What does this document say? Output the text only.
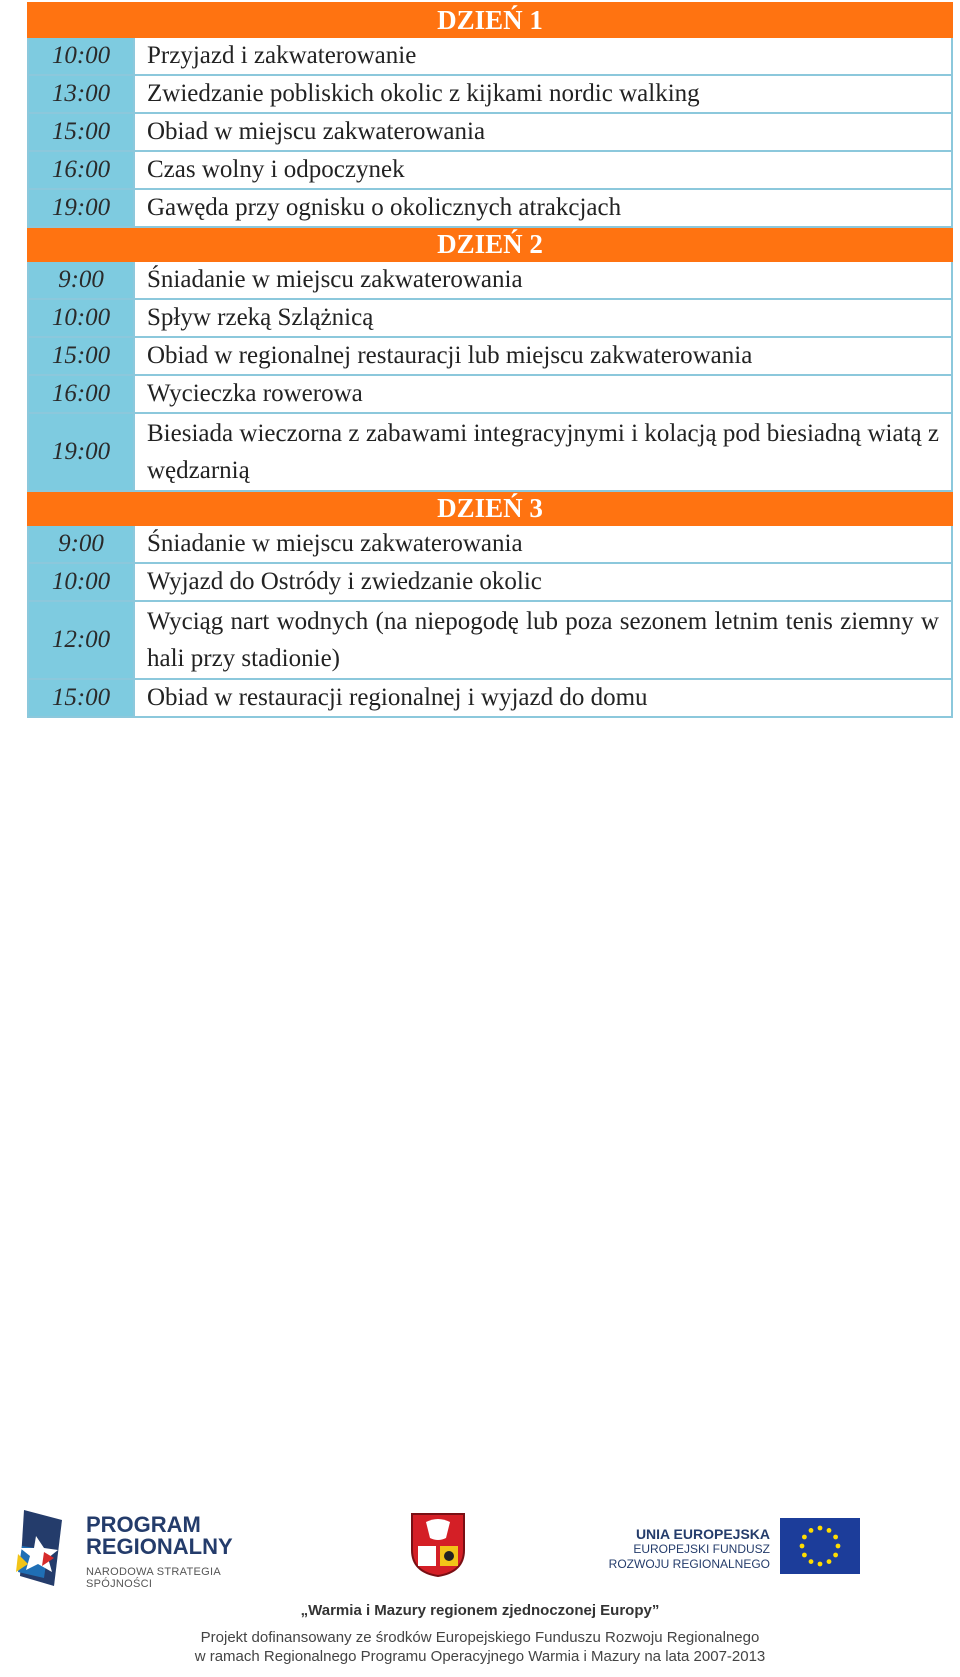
DZIEŃ 1	
10:00	Przyjazd i zakwaterowanie
13:00	Zwiedzanie pobliskich okolic z kijkami nordic walking
15:00	Obiad w miejscu zakwaterowania
16:00	Czas wolny i odpoczynek
19:00	Gawęda przy ognisku o okolicznych atrakcjach
DZIEŃ 2	
9:00	Śniadanie w miejscu zakwaterowania
10:00	Spływ rzeką Szlążnicą
15:00	Obiad w regionalnej restauracji lub miejscu zakwaterowania
16:00	Wycieczka rowerowa
19:00	Biesiada wieczorna z zabawami integracyjnymi i kolacją pod biesiadną wiatą z wędzarnią
DZIEŃ 3	
9:00	Śniadanie w miejscu zakwaterowania
10:00	Wyjazd do Ostródy i zwiedzanie okolic
12:00	Wyciąg nart wodnych (na niepogodę lub poza sezonem letnim tenis ziemny w hali przy stadionie)
15:00	Obiad w restauracji regionalnej i wyjazd do domu
PROGRAM
REGIONALNY
NARODOWA STRATEGIA SPÓJNOŚCI
UNIA EUROPEJSKA
EUROPEJSKI FUNDUSZ
ROZWOJU REGIONALNEGO
„Warmia i Mazury regionem zjednoczonej Europy”
Projekt dofinansowany ze środków Europejskiego Funduszu Rozwoju Regionalnego
w ramach Regionalnego Programu Operacyjnego Warmia i Mazury na lata 2007-2013
